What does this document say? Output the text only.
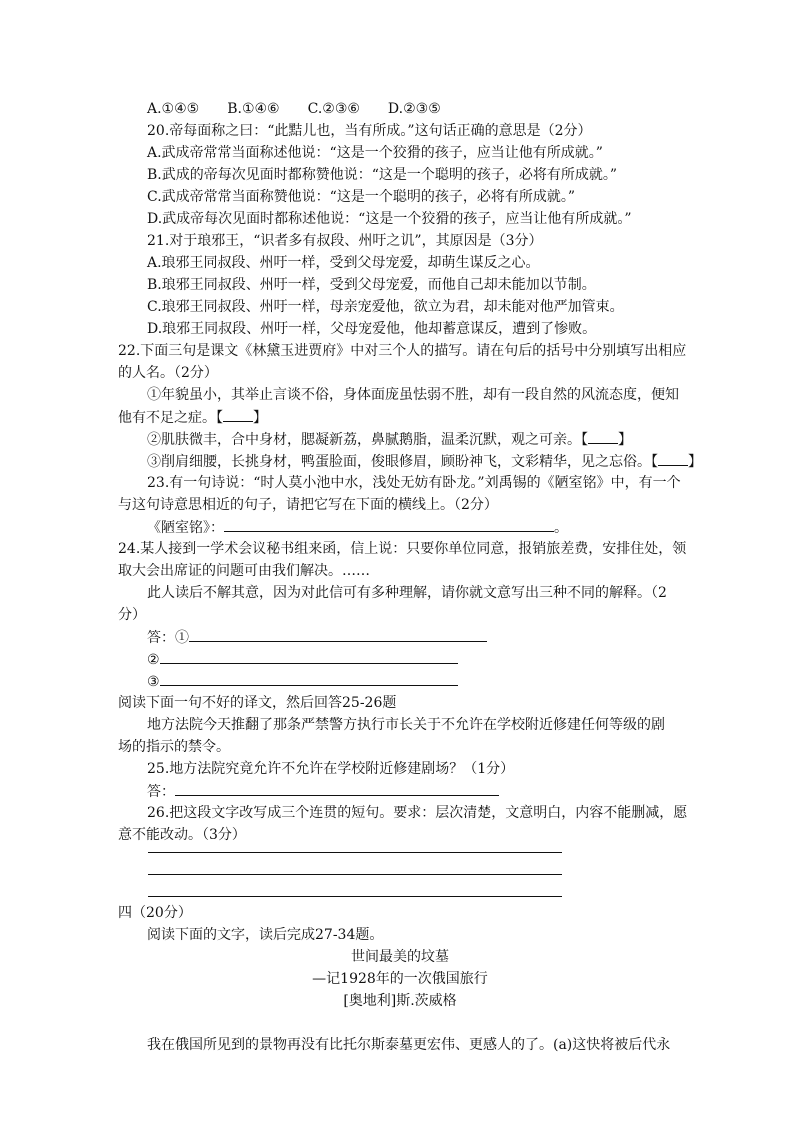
A.①④⑤　　B.①④⑥　　C.②③⑥　　D.②③⑤
20.帝每面称之曰：“此黠儿也，当有所成。”这句话正确的意思是（2分）
A.武成帝常常当面称述他说：“这是一个狡猾的孩子，应当让他有所成就。”
B.武成的帝每次见面时都称赞他说：“这是一个聪明的孩子，必将有所成就。”
C.武成帝常常当面称赞他说：“这是一个聪明的孩子，必将有所成就。”
D.武成帝每次见面时都称述他说：“这是一个狡猾的孩子，应当让他有所成就。”
21.对于琅邪王，“识者多有叔段、州吁之讥”，其原因是（3分）
A.琅邪王同叔段、州吁一样，受到父母宠爱，却萌生谋反之心。
B.琅邪王同叔段、州吁一样，受到父母宠爱，而他自己却未能加以节制。
C.琅邪王同叔段、州吁一样，母亲宠爱他，欲立为君，却未能对他严加管束。
D.琅邪王同叔段、州吁一样，父母宠爱他，他却蓄意谋反，遭到了惨败。
22.下面三句是课文《林黛玉进贾府》中对三个人的描写。请在句后的括号中分别填写出相应
的人名。（2分）
①年貌虽小，其举止言谈不俗，身体面庞虽怯弱不胜，却有一段自然的风流态度，便知
他有不足之症。【 】
②肌肤微丰，合中身材，腮凝新荔，鼻腻鹅脂，温柔沉默，观之可亲。【 】
③削肩细腰，长挑身材，鸭蛋脸面，俊眼修眉，顾盼神飞，文彩精华，见之忘俗。【 】
23.有一句诗说：“时人莫小池中水，浅处无妨有卧龙。”刘禹锡的《陋室铭》中，有一个
与这句诗意思相近的句子，请把它写在下面的横线上。（2分）
《陋室铭》：	。
24.某人接到一学术会议秘书组来函，信上说：只要你单位同意，报销旅差费，安排住处，领
取大会出席证的问题可由我们解决。……
此人读后不解其意，因为对此信可有多种理解，请你就文意写出三种不同的解释。（2
分）
答：①
②
③
阅读下面一句不好的译文，然后回答25-26题
地方法院今天推翻了那条严禁警方执行市长关于不允许在学校附近修建任何等级的剧
场的指示的禁令。
25.地方法院究竟允许不允许在学校附近修建剧场？（1分）
答：
26.把这段文字改写成三个连贯的短句。要求：层次清楚，文意明白，内容不能删减，愿
意不能改动。（3分）
四（20分）
阅读下面的文字，读后完成27-34题。
世间最美的坟墓
—记1928年的一次俄国旅行
[奥地利]斯.茨威格
我在俄国所见到的景物再没有比托尔斯泰墓更宏伟、更感人的了。(a)这快将被后代永
